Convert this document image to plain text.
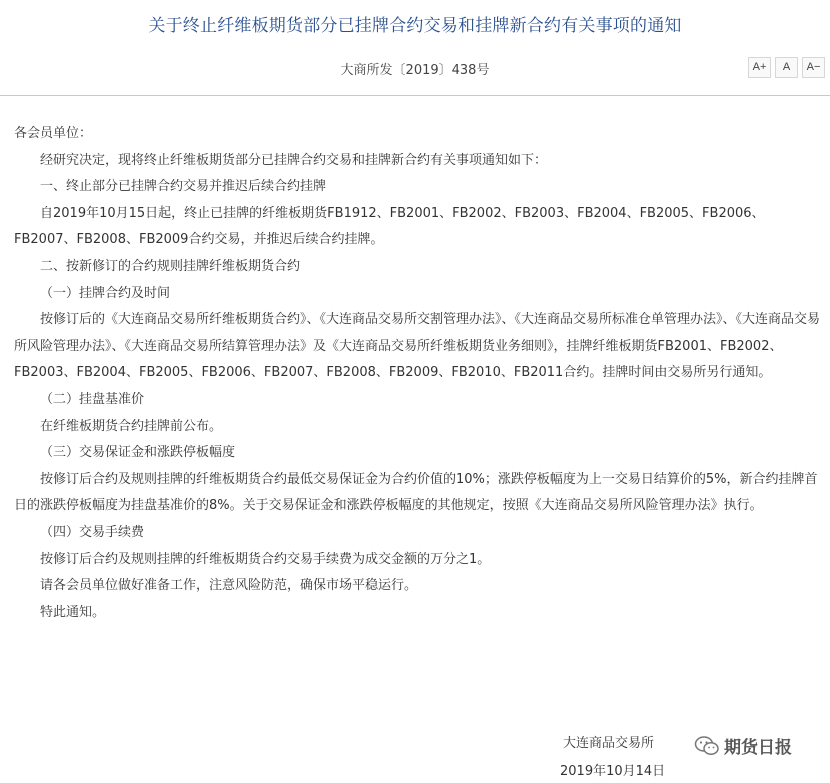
关于终止纤维板期货部分已挂牌合约交易和挂牌新合约有关事项的通知
大商所发〔2019〕438号	A+	A	A−

各会员单位：

经研究决定，现将终止纤维板期货部分已挂牌合约交易和挂牌新合约有关事项通知如下：

一、终止部分已挂牌合约交易并推迟后续合约挂牌

自2019年10月15日起，终止已挂牌的纤维板期货FB1912、FB2001、FB2002、FB2003、FB2004、FB2005、FB2006、FB2007、FB2008、FB2009合约交易，并推迟后续合约挂牌。

二、按新修订的合约规则挂牌纤维板期货合约

（一）挂牌合约及时间

按修订后的《大连商品交易所纤维板期货合约》、《大连商品交易所交割管理办法》、《大连商品交易所标准仓单管理办法》、《大连商品交易所风险管理办法》、《大连商品交易所结算管理办法》及《大连商品交易所纤维板期货业务细则》，挂牌纤维板期货FB2001、FB2002、FB2003、FB2004、FB2005、FB2006、FB2007、FB2008、FB2009、FB2010、FB2011合约。挂牌时间由交易所另行通知。

（二）挂盘基准价

在纤维板期货合约挂牌前公布。

（三）交易保证金和涨跌停板幅度

按修订后合约及规则挂牌的纤维板期货合约最低交易保证金为合约价值的10%；涨跌停板幅度为上一交易日结算价的5%，新合约挂牌首日的涨跌停板幅度为挂盘基准价的8%。关于交易保证金和涨跌停板幅度的其他规定，按照《大连商品交易所风险管理办法》执行。

（四）交易手续费

按修订后合约及规则挂牌的纤维板期货合约交易手续费为成交金额的万分之1。

请各会员单位做好准备工作，注意风险防范，确保市场平稳运行。

特此通知。

大连商品交易所
2019年10月14日
期货日报
